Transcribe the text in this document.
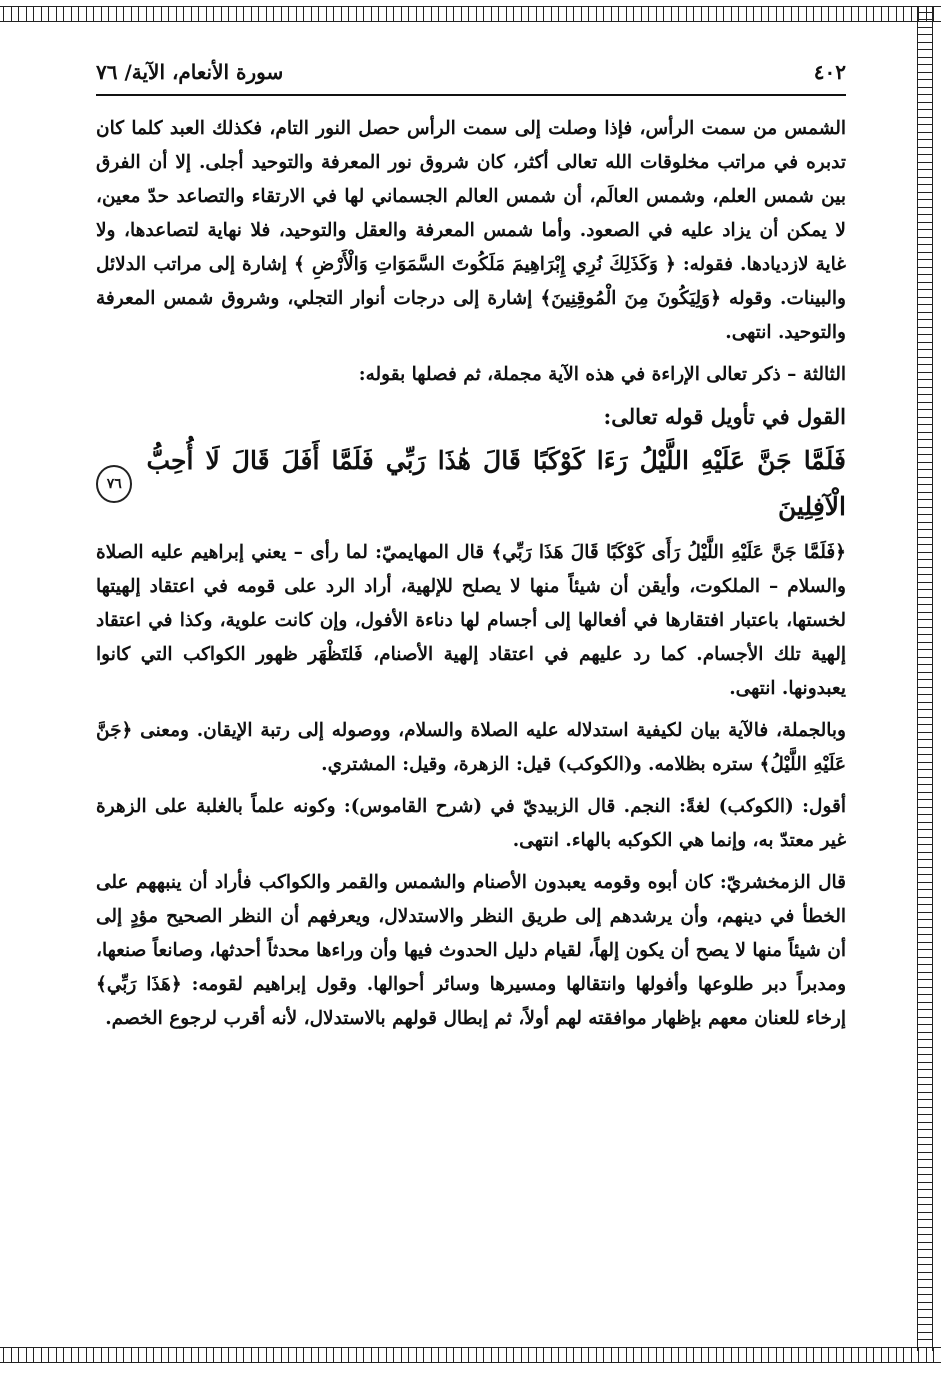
٤٠٢
سورة الأنعام، الآية/ ٧٦

الشمس من سمت الرأس، فإذا وصلت إلى سمت الرأس حصل النور التام، فكذلك العبد كلما كان تدبره في مراتب مخلوقات الله تعالى أكثر، كان شروق نور المعرفة والتوحيد أجلى. إلا أن الفرق بين شمس العلم، وشمس العالَم، أن شمس العالم الجسماني لها في الارتقاء والتصاعد حدّ معين، لا يمكن أن يزاد عليه في الصعود. وأما شمس المعرفة والعقل والتوحيد، فلا نهاية لتصاعدها، ولا غاية لازديادها. فقوله: ﴿ وَكَذَلِكَ نُرِي إِبْرَاهِيمَ مَلَكُوتَ السَّمَوَاتِ وَالْأَرْضِ ﴾ إشارة إلى مراتب الدلائل والبينات. وقوله ﴿وَلِيَكُونَ مِنَ الْمُوقِنِينَ﴾ إشارة إلى درجات أنوار التجلي، وشروق شمس المعرفة والتوحيد. انتهى.

الثالثة – ذكر تعالى الإراءة في هذه الآية مجملة، ثم فصلها بقوله:

القول في تأويل قوله تعالى:
فَلَمَّا جَنَّ عَلَيْهِ اللَّيْلُ رَءَا كَوْكَبًا قَالَ هَٰذَا رَبِّي فَلَمَّا أَفَلَ قَالَ لَا أُحِبُّ الْآفِلِينَ
٧٦

﴿فَلَمَّا جَنَّ عَلَيْهِ اللَّيْلُ رَأَى كَوْكَبًا قَالَ هَذَا رَبِّي﴾ قال المهايميّ: لما رأى – يعني إبراهيم عليه الصلاة والسلام – الملكوت، وأيقن أن شيئاً منها لا يصلح للإلهية، أراد الرد على قومه في اعتقاد إلهيتها لخستها، باعتبار افتقارها في أفعالها إلى أجسام لها دناءة الأفول، وإن كانت علوية، وكذا في اعتقاد إلهية تلك الأجسام. كما رد عليهم في اعتقاد إلهية الأصنام، فَلتَظْهَر ظهور الكواكب التي كانوا يعبدونها. انتهى.

وبالجملة، فالآية بيان لكيفية استدلاله عليه الصلاة والسلام، ووصوله إلى رتبة الإيقان. ومعنى ﴿جَنَّ عَلَيْهِ اللَّيْلُ﴾ ستره بظلامه. و(الكوكب) قيل: الزهرة، وقيل: المشتري.

أقول: (الكوكب) لغةً: النجم. قال الزبيديّ في (شرح القاموس): وكونه علماً بالغلبة على الزهرة غير معتدّ به، وإنما هي الكوكبه بالهاء. انتهى.

قال الزمخشريّ: كان أبوه وقومه يعبدون الأصنام والشمس والقمر والكواكب فأراد أن ينبههم على الخطأ في دينهم، وأن يرشدهم إلى طريق النظر والاستدلال، ويعرفهم أن النظر الصحيح مؤدٍ إلى أن شيئاً منها لا يصح أن يكون إلهاً، لقيام دليل الحدوث فيها وأن وراءها محدثاً أحدثها، وصانعاً صنعها، ومدبراً دبر طلوعها وأفولها وانتقالها ومسيرها وسائر أحوالها. وقول إبراهيم لقومه: ﴿هَذَا رَبِّي﴾ إرخاء للعنان معهم بإظهار موافقته لهم أولاً، ثم إبطال قولهم بالاستدلال، لأنه أقرب لرجوع الخصم.
